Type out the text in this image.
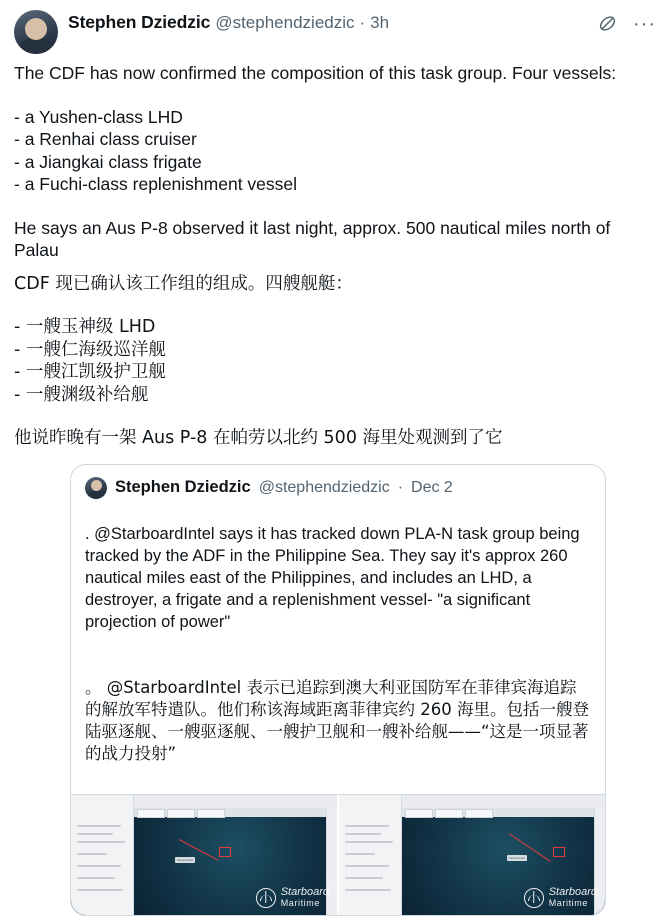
Stephen Dziedzic @stephendziedzic · 3h	···

The CDF has now confirmed the composition of this task group. Four vessels:

- a Yushen-class LHD

- a Renhai class cruiser

- a Jiangkai class frigate

- a Fuchi-class replenishment vessel

He says an Aus P-8 observed it last night, approx. 500 nautical miles north of Palau

CDF 现已确认该工作组的组成。四艘舰艇：

- 一艘玉神级 LHD

- 一艘仁海级巡洋舰

- 一艘江凯级护卫舰

- 一艘渊级补给舰

他说昨晚有一架 Aus P-8 在帕劳以北约 500 海里处观测到了它

Stephen Dziedzic @stephendziedzic · Dec 2

. @StarboardIntel says it has tracked down PLA-N task group being tracked by the ADF in the Philippine Sea. They say it's approx 260 nautical miles east of the Philippines, and includes an LHD, a destroyer, a frigate and a replenishment vessel- "a significant projection of power"

。 @StarboardIntel 表示已追踪到澳大利亚国防军在菲律宾海追踪的解放军特遣队。他们称该海域距离菲律宾约 260 海里。包括一艘登陆驱逐舰、一艘驱逐舰、一艘护卫舰和一艘补给舰——“这是一项显著的战力投射”

Vessel track
Starboard
Maritime
Vessel track
Starboard
Maritime
